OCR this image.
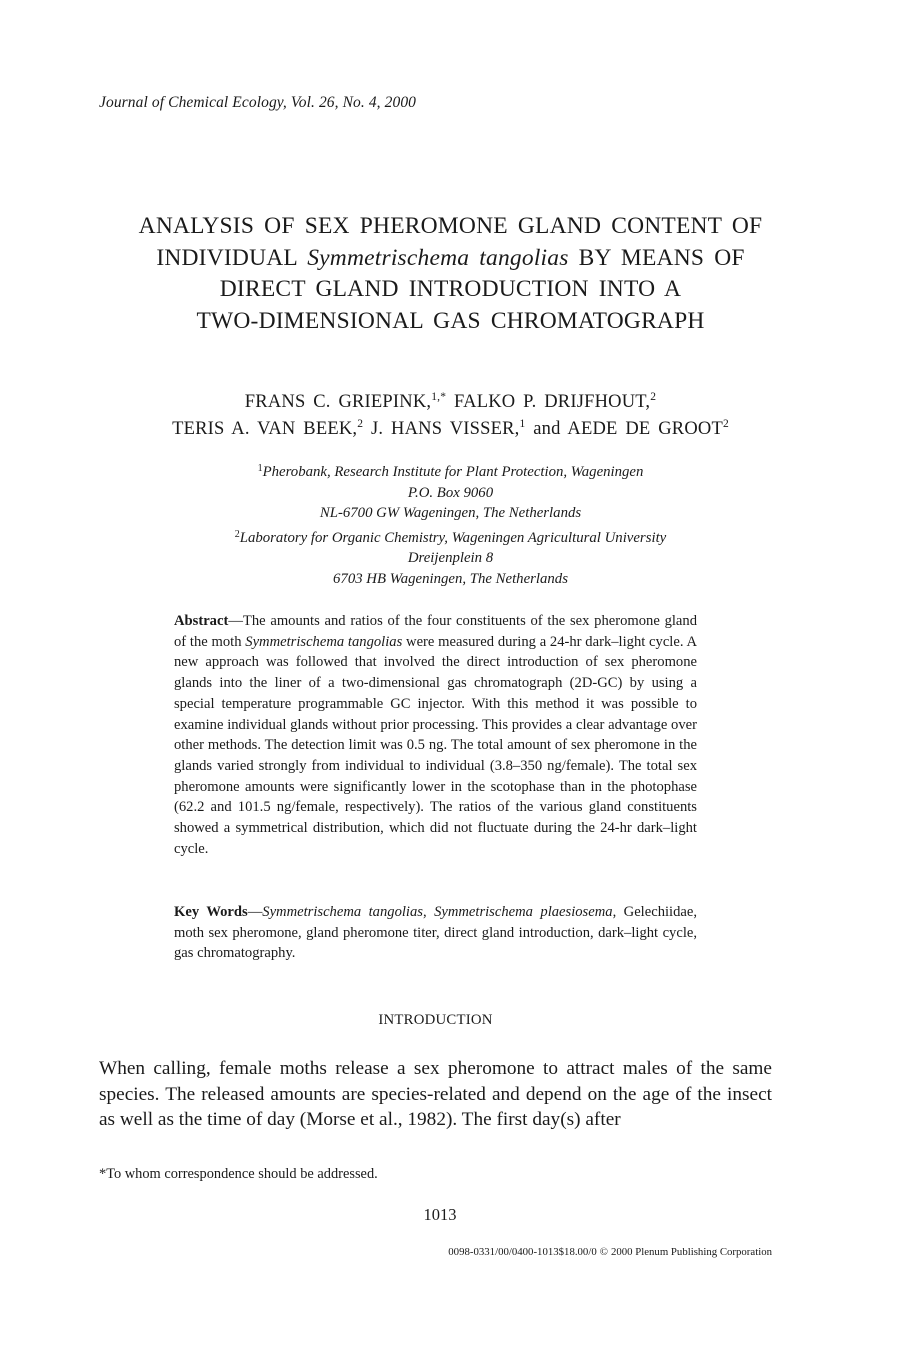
Journal of Chemical Ecology, Vol. 26, No. 4, 2000
ANALYSIS OF SEX PHEROMONE GLAND CONTENT OF
INDIVIDUAL Symmetrischema tangolias BY MEANS OF
DIRECT GLAND INTRODUCTION INTO A
TWO-DIMENSIONAL GAS CHROMATOGRAPH
FRANS C. GRIEPINK,$^{1,*}$ FALKO P. DRIJFHOUT,$^2$
TERIS A. VAN BEEK,$^2$ J. HANS VISSER,$^1$ and AEDE DE GROOT$^2$
$^1$Pherobank, Research Institute for Plant Protection, Wageningen
P.O. Box 9060
NL-6700 GW Wageningen, The Netherlands
$^2$Laboratory for Organic Chemistry, Wageningen Agricultural University
Dreijenplein 8
6703 HB Wageningen, The Netherlands
Abstract—The amounts and ratios of the four constituents of the sex pheromone gland of the moth Symmetrischema tangolias were measured during a 24-hr dark–light cycle. A new approach was followed that involved the direct introduction of sex pheromone glands into the liner of a two-dimensional gas chromatograph (2D-GC) by using a special temperature programmable GC injector. With this method it was possible to examine individual glands without prior processing. This provides a clear advantage over other methods. The detection limit was 0.5 ng. The total amount of sex pheromone in the glands varied strongly from individual to individual (3.8–350 ng/female). The total sex pheromone amounts were significantly lower in the scotophase than in the photophase (62.2 and 101.5 ng/female, respectively). The ratios of the various gland constituents showed a symmetrical distribution, which did not fluctuate during the 24-hr dark–light cycle.
Key Words—Symmetrischema tangolias, Symmetrischema plaesiosema, Gelechiidae, moth sex pheromone, gland pheromone titer, direct gland introduction, dark–light cycle, gas chromatography.
INTRODUCTION
When calling, female moths release a sex pheromone to attract males of the same species. The released amounts are species-related and depend on the age of the insect as well as the time of day (Morse et al., 1982). The first day(s) after
*To whom correspondence should be addressed.
1013
0098-0331/00/0400-1013$18.00/0 © 2000 Plenum Publishing Corporation
